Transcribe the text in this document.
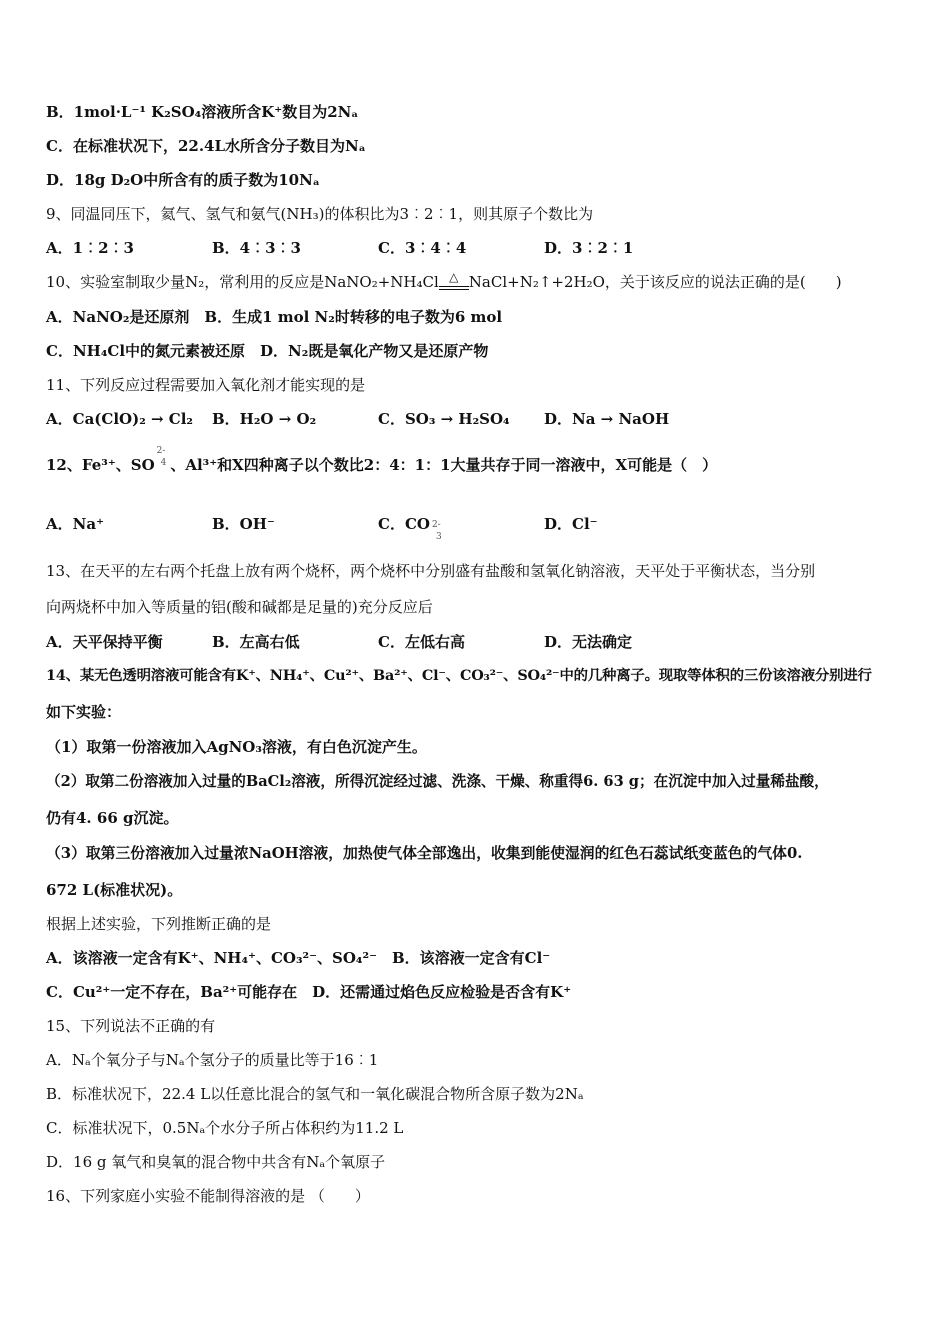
B．1mol·L⁻¹ K₂SO₄溶液所含K⁺数目为2Nₐ
C．在标准状况下，22.4L水所含分子数目为Nₐ
D．18g D₂O中所含有的质子数为10Nₐ
9、同温同压下，氦气、氢气和氨气(NH₃)的体积比为3︰2︰1，则其原子个数比为
A．1︰2︰3	B．4︰3︰3	C．3︰4︰4	D．3︰2︰1
10、实验室制取少量N₂，常利用的反应是NaNO₂+NH₄Cl △ NaCl+N₂↑+2H₂O，关于该反应的说法正确的是(　　)
A．NaNO₂是还原剂　B．生成1 mol N₂时转移的电子数为6 mol
C．NH₄Cl中的氮元素被还原　D．N₂既是氧化产物又是还原产物
11、下列反应过程需要加入氧化剂才能实现的是
A．Ca(ClO)₂ → Cl₂ B．H₂O → O₂	C．SO₃ → H₂SO₄ D．Na → NaOH
12、Fe³⁺、SO
2-
4 、Al³⁺和X四种离子以个数比2：4：1：1大量共存于同一溶液中，X可能是（　）
A．Na⁺	B．OH⁻	C．CO 2-
3
D．Cl⁻
13、在天平的左右两个托盘上放有两个烧杯，两个烧杯中分别盛有盐酸和氢氧化钠溶液，天平处于平衡状态，当分别
向两烧杯中加入等质量的铝(酸和碱都是足量的)充分反应后
A．天平保持平衡	B．左高右低	C．左低右高	D．无法确定
14、某无色透明溶液可能含有K⁺、NH₄⁺、Cu²⁺、Ba²⁺、Cl⁻、CO₃²⁻、SO₄²⁻中的几种离子。现取等体积的三份该溶液分别进行
如下实验：
（1）取第一份溶液加入AgNO₃溶液，有白色沉淀产生。
（2）取第二份溶液加入过量的BaCl₂溶液，所得沉淀经过滤、洗涤、干燥、称重得6. 63 g；在沉淀中加入过量稀盐酸，
仍有4. 66 g沉淀。
（3）取第三份溶液加入过量浓NaOH溶液，加热使气体全部逸出，收集到能使湿润的红色石蕊试纸变蓝色的气体0.
672 L(标准状况)。
根据上述实验，下列推断正确的是
A．该溶液一定含有K⁺、NH₄⁺、CO₃²⁻、SO₄²⁻　B．该溶液一定含有Cl⁻
C．Cu²⁺一定不存在，Ba²⁺可能存在　D．还需通过焰色反应检验是否含有K⁺
15、下列说法不正确的有
A．Nₐ个氧分子与Nₐ个氢分子的质量比等于16︰1
B．标准状况下，22.4 L以任意比混合的氢气和一氧化碳混合物所含原子数为2Nₐ
C．标准状况下，0.5Nₐ个水分子所占体积约为11.2 L
D．16 g 氧气和臭氧的混合物中共含有Nₐ个氧原子
16、下列家庭小实验不能制得溶液的是 （　　）
